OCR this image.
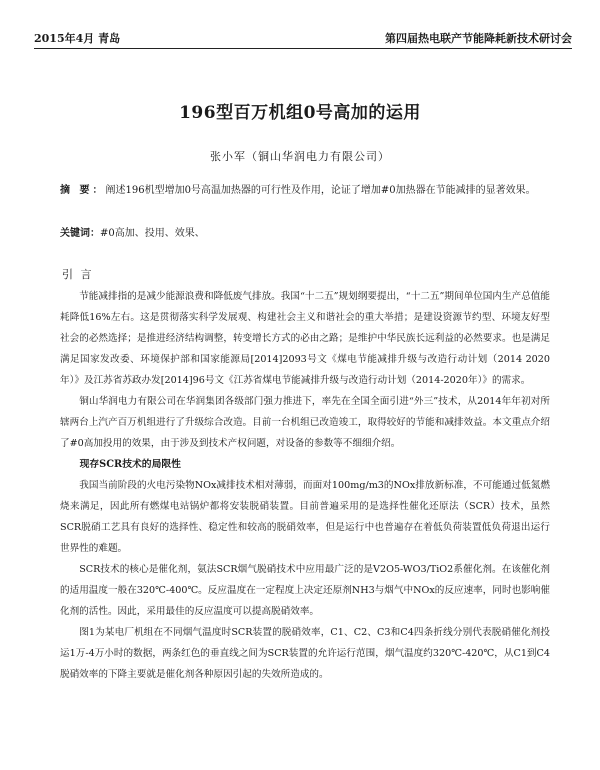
2015年4月 青岛	第四届热电联产节能降耗新技术研讨会
196型百万机组0号高加的运用
张小军（铜山华润电力有限公司）
摘 要：阐述196机型增加0号高温加热器的可行性及作用，论证了增加#0加热器在节能减排的显著效果。
关键词：#0高加、投用、效果、
引 言

节能减排指的是减少能源浪费和降低废气排放。我国“十二五”规划纲要提出，“十二五”期间单位国内生产总值能耗降低16%左右。这是贯彻落实科学发展观、构建社会主义和谐社会的重大举措；是建设资源节约型、环境友好型社会的必然选择；是推进经济结构调整，转变增长方式的必由之路；是维护中华民族长远利益的必然要求。也是满足满足国家发改委、环境保护部和国家能源局[2014]2093号文《煤电节能减排升级与改造行动计划（2014 2020年）》及江苏省苏政办发[2014]96号文《江苏省煤电节能减排升级与改造行动计划（2014-2020年）》的需求。

铜山华润电力有限公司在华润集团各级部门强力推进下，率先在全国全面引进“外三”技术，从2014年年初对所辖两台上汽产百万机组进行了升级综合改造。目前一台机组已改造竣工，取得较好的节能和减排效益。本文重点介绍了#0高加投用的效果，由于涉及到技术产权问题，对设备的参数等不细细介绍。

现存SCR技术的局限性

我国当前阶段的火电污染物NOx减排技术相对薄弱，而面对100mg/m3的NOx排放新标准，不可能通过低氮燃烧来满足，因此所有燃煤电站锅炉都将安装脱硝装置。目前普遍采用的是选择性催化还原法（SCR）技术，虽然SCR脱硝工艺具有良好的选择性、稳定性和较高的脱硝效率，但是运行中也普遍存在着低负荷装置低负荷退出运行世界性的难题。

SCR技术的核心是催化剂，氨法SCR烟气脱硝技术中应用最广泛的是V2O5-WO3/TiO2系催化剂。在该催化剂的适用温度一般在320℃-400℃。反应温度在一定程度上决定还原剂NH3与烟气中NOx的反应速率，同时也影响催化剂的活性。因此，采用最佳的反应温度可以提高脱硝效率。

图1为某电厂机组在不同烟气温度时SCR装置的脱硝效率，C1、C2、C3和C4四条折线分别代表脱硝催化剂投运1万-4万小时的数据，两条红色的垂直线之间为SCR装置的允许运行范围，烟气温度约320℃-420℃，从C1到C4脱硝效率的下降主要就是催化剂各种原因引起的失效所造成的。
